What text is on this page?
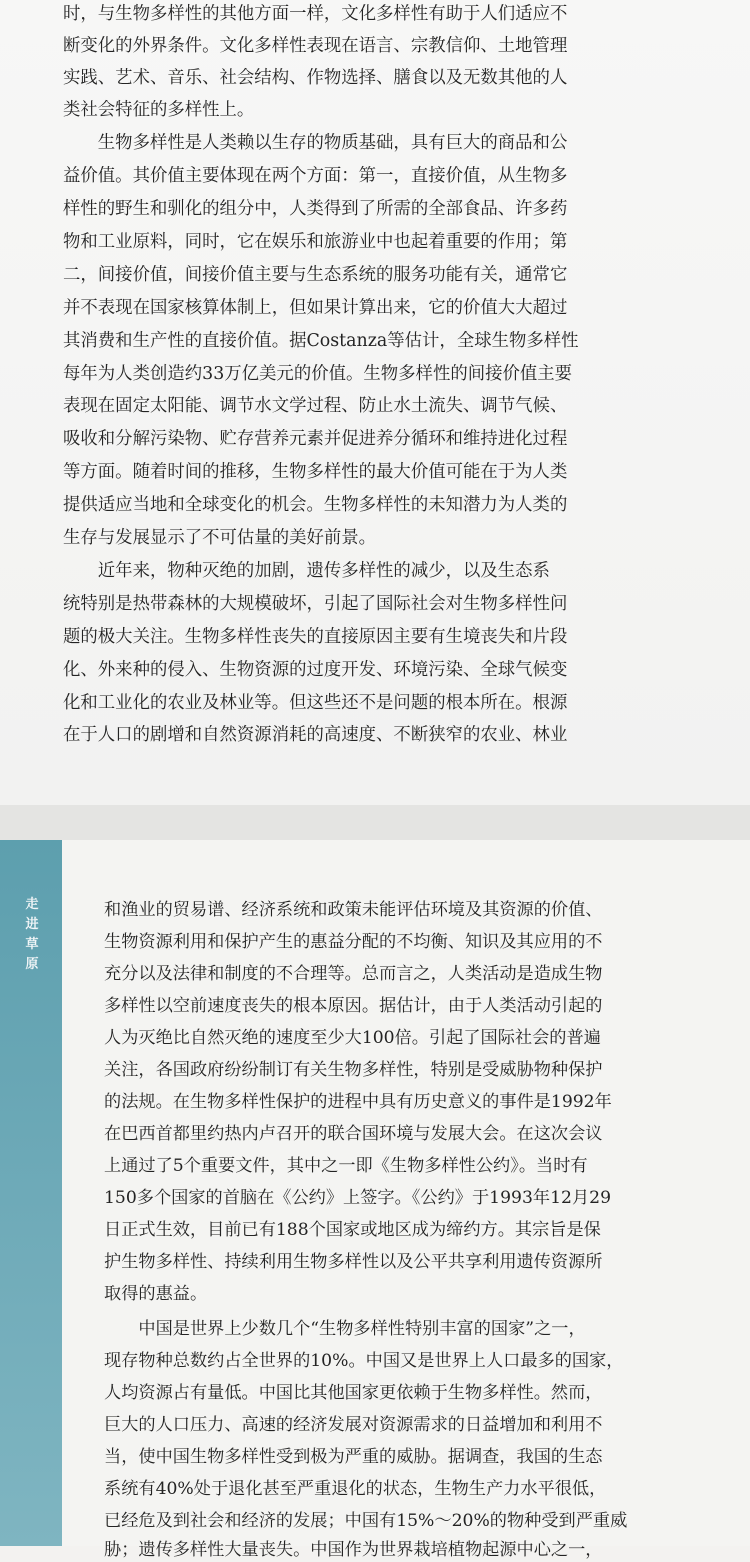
走
进
草
原
时，与生物多样性的其他方面一样，文化多样性有助于人们适应不
断变化的外界条件。文化多样性表现在语言、宗教信仰、土地管理
实践、艺术、音乐、社会结构、作物选择、膳食以及无数其他的人
类社会特征的多样性上。
　　生物多样性是人类赖以生存的物质基础，具有巨大的商品和公
益价值。其价值主要体现在两个方面：第一，直接价值，从生物多
样性的野生和驯化的组分中，人类得到了所需的全部食品、许多药
物和工业原料，同时，它在娱乐和旅游业中也起着重要的作用；第
二，间接价值，间接价值主要与生态系统的服务功能有关，通常它
并不表现在国家核算体制上，但如果计算出来，它的价值大大超过
其消费和生产性的直接价值。据Costanza等估计，全球生物多样性
每年为人类创造约33万亿美元的价值。生物多样性的间接价值主要
表现在固定太阳能、调节水文学过程、防止水土流失、调节气候、
吸收和分解污染物、贮存营养元素并促进养分循环和维持进化过程
等方面。随着时间的推移，生物多样性的最大价值可能在于为人类
提供适应当地和全球变化的机会。生物多样性的未知潜力为人类的
生存与发展显示了不可估量的美好前景。
　　近年来，物种灭绝的加剧，遗传多样性的减少，以及生态系
统特别是热带森林的大规模破坏，引起了国际社会对生物多样性问
题的极大关注。生物多样性丧失的直接原因主要有生境丧失和片段
化、外来种的侵入、生物资源的过度开发、环境污染、全球气候变
化和工业化的农业及林业等。但这些还不是问题的根本所在。根源
在于人口的剧增和自然资源消耗的高速度、不断狭窄的农业、林业
和渔业的贸易谱、经济系统和政策未能评估环境及其资源的价值、
生物资源利用和保护产生的惠益分配的不均衡、知识及其应用的不
充分以及法律和制度的不合理等。总而言之，人类活动是造成生物
多样性以空前速度丧失的根本原因。据估计，由于人类活动引起的
人为灭绝比自然灭绝的速度至少大100倍。引起了国际社会的普遍
关注，各国政府纷纷制订有关生物多样性，特别是受威胁物种保护
的法规。在生物多样性保护的进程中具有历史意义的事件是1992年
在巴西首都里约热内卢召开的联合国环境与发展大会。在这次会议
上通过了5个重要文件，其中之一即《生物多样性公约》。当时有
150多个国家的首脑在《公约》上签字。《公约》于1993年12月29
日正式生效，目前已有188个国家或地区成为缔约方。其宗旨是保
护生物多样性、持续利用生物多样性以及公平共享利用遗传资源所
取得的惠益。
　　中国是世界上少数几个“生物多样性特别丰富的国家”之一，
现存物种总数约占全世界的10%。中国又是世界上人口最多的国家，
人均资源占有量低。中国比其他国家更依赖于生物多样性。然而，
巨大的人口压力、高速的经济发展对资源需求的日益增加和利用不
当，使中国生物多样性受到极为严重的威胁。据调查，我国的生态
系统有40%处于退化甚至严重退化的状态，生物生产力水平很低，
已经危及到社会和经济的发展；中国有15%～20%的物种受到严重威
胁；遗传多样性大量丧失。中国作为世界栽培植物起源中心之一，
